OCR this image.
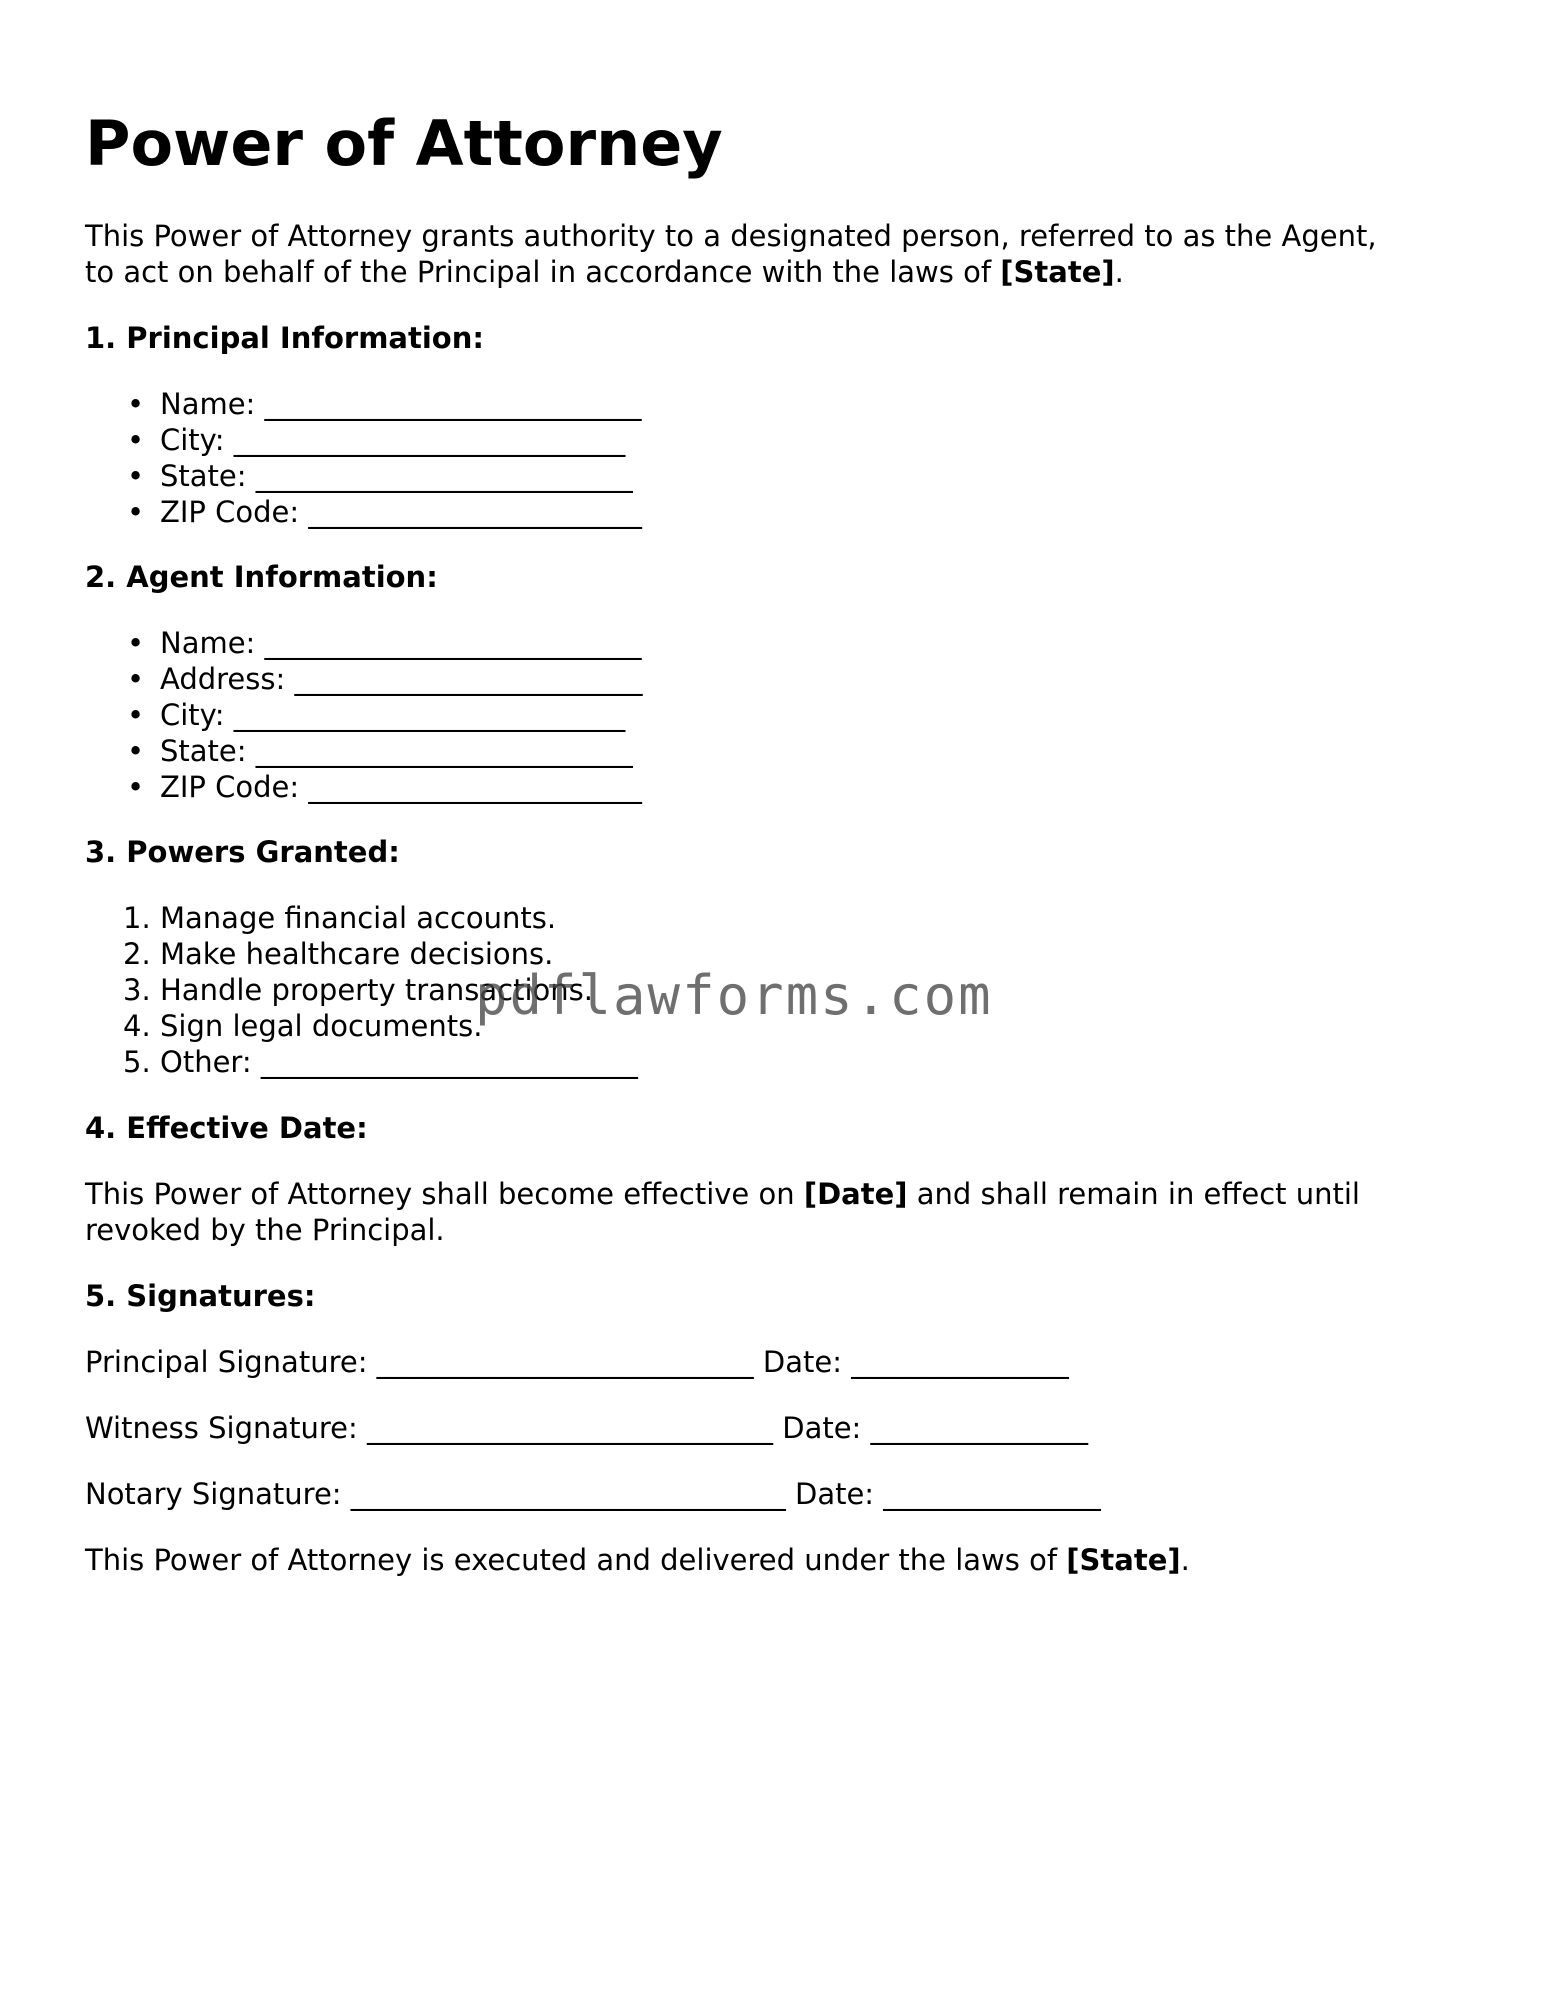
Power of Attorney

This Power of Attorney grants authority to a designated person, referred to as the Agent,

to act on behalf of the Principal in accordance with the laws of [State].

1. Principal Information:
• Name: __________________________
• City: ___________________________
• State: __________________________
• ZIP Code: _______________________
2. Agent Information:
• Name: __________________________
• Address: ________________________
• City: ___________________________
• State: __________________________
• ZIP Code: _______________________
3. Powers Granted:
1. Manage financial accounts.
2. Make healthcare decisions.
3. Handle property transactions.
4. Sign legal documents.
5. Other: __________________________
4. Effective Date:

This Power of Attorney shall become effective on [Date] and shall remain in effect until

revoked by the Principal.

5. Signatures:

Principal Signature: __________________________ Date: _______________

Witness Signature: ____________________________ Date: _______________

Notary Signature: ______________________________ Date: _______________

This Power of Attorney is executed and delivered under the laws of [State].

pdflawforms.com
